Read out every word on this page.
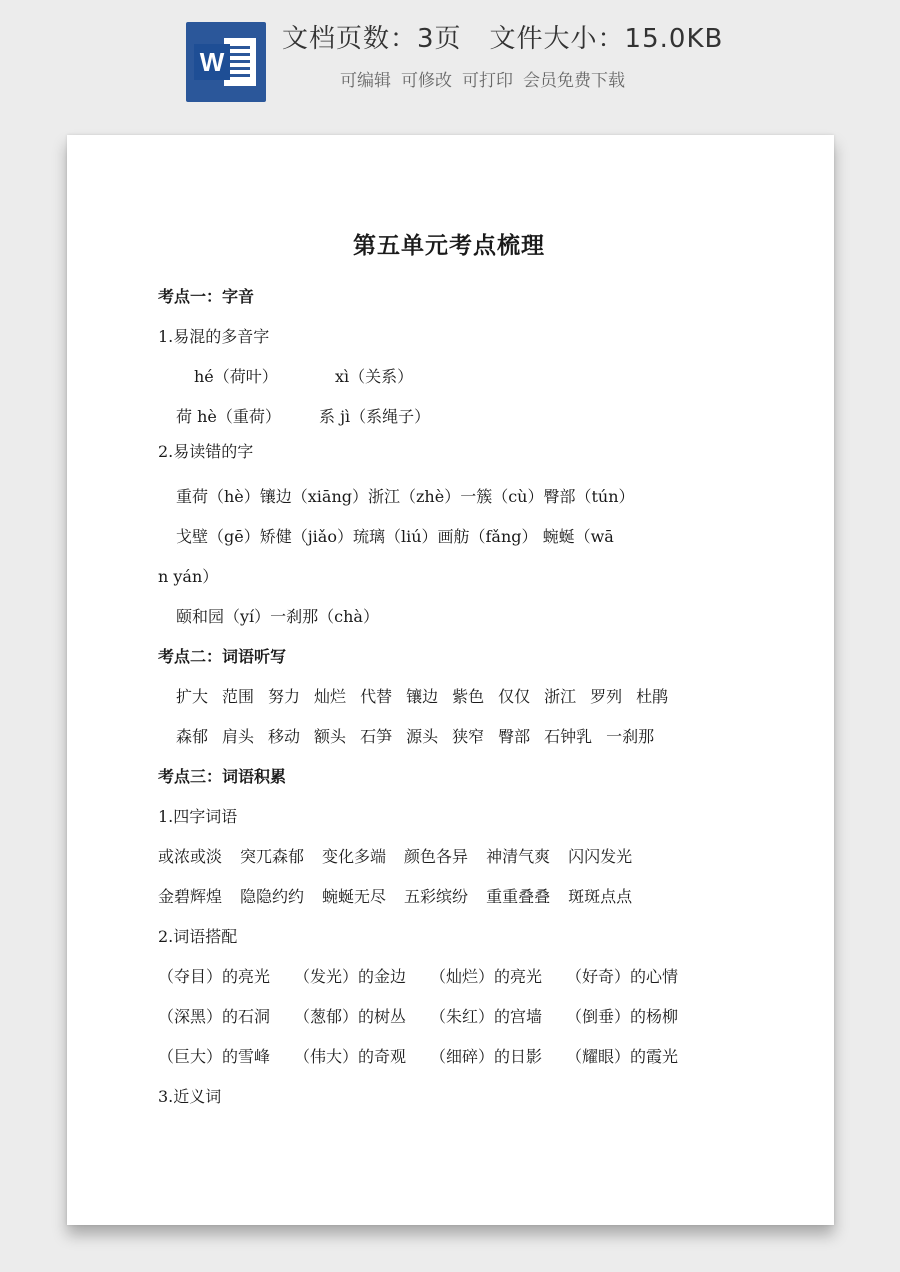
W
文档页数：3页 文件大小：15.0KB
可编辑 可修改 可打印 会员免费下载
第五单元考点梳理
考点一：字音
1.易混的多音字
hé（荷叶）	xì（关系）
荷 hè（重荷） 系 jì（系绳子）
2.易读错的字
重荷（hè）镶边（xiāng）浙江（zhè）一簇（cù）臀部（tún）
戈壁（gē）矫健（jiǎo）琉璃（liú）画舫（fǎng） 蜿蜒（wā
n yán）
颐和园（yí）一刹那（chà）
考点二：词语听写
扩大 范围 努力 灿烂 代替 镶边 紫色 仅仅 浙江 罗列 杜鹃
森郁 肩头 移动 额头 石笋 源头 狭窄 臀部 石钟乳 一刹那
考点三：词语积累
1.四字词语
或浓或淡 突兀森郁 变化多端 颜色各异 神清气爽 闪闪发光
金碧辉煌 隐隐约约 蜿蜒无尽 五彩缤纷 重重叠叠 斑斑点点
2.词语搭配
（夺目）的亮光 （发光）的金边 （灿烂）的亮光 （好奇）的心情
（深黑）的石洞 （葱郁）的树丛 （朱红）的宫墙 （倒垂）的杨柳
（巨大）的雪峰 （伟大）的奇观 （细碎）的日影 （耀眼）的霞光
3.近义词
